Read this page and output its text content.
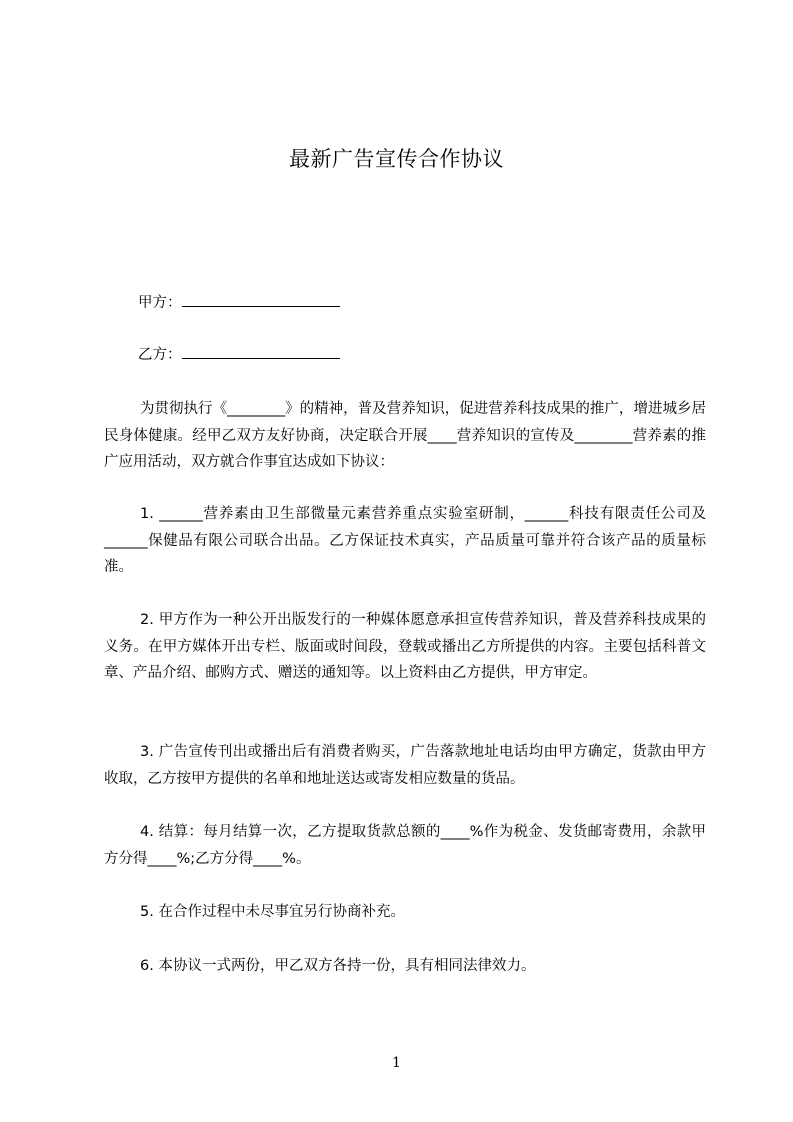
最新广告宣传合作协议
甲方：
乙方：
为贯彻执行《________》的精神，普及营养知识，促进营养科技成果的推广，增进城乡居民身体健康。经甲乙双方友好协商，决定联合开展____营养知识的宣传及________营养素的推广应用活动，双方就合作事宜达成如下协议：
1. ______营养素由卫生部微量元素营养重点实验室研制，______科技有限责任公司及______保健品有限公司联合出品。乙方保证技术真实，产品质量可靠并符合该产品的质量标准。
2. 甲方作为一种公开出版发行的一种媒体愿意承担宣传营养知识，普及营养科技成果的义务。在甲方媒体开出专栏、版面或时间段，登载或播出乙方所提供的内容。主要包括科普文章、产品介绍、邮购方式、赠送的通知等。以上资料由乙方提供，甲方审定。
3. 广告宣传刊出或播出后有消费者购买，广告落款地址电话均由甲方确定，货款由甲方收取，乙方按甲方提供的名单和地址送达或寄发相应数量的货品。
4. 结算：每月结算一次，乙方提取货款总额的____%作为税金、发货邮寄费用，余款甲方分得____%;乙方分得____%。
5. 在合作过程中未尽事宜另行协商补充。
6. 本协议一式两份，甲乙双方各持一份，具有相同法律效力。
1
